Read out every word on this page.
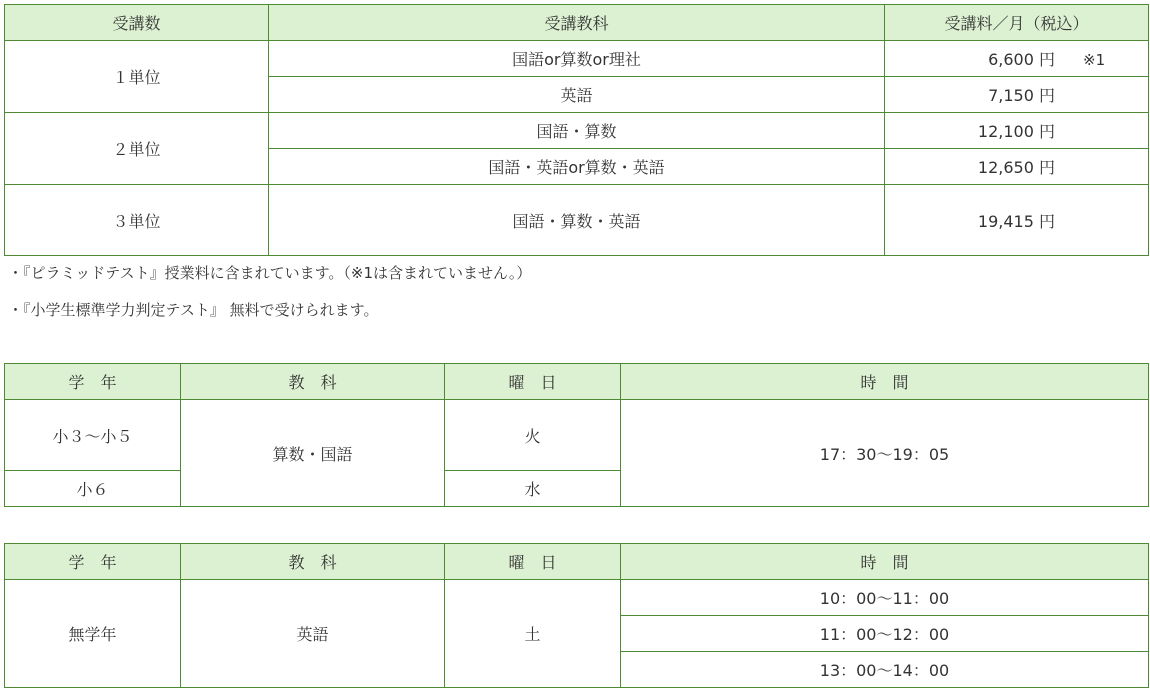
受講数	受講教科	受講料／月（税込）
１単位	国語or算数or理社	6,600 円 ※1
	英語	7,150 円
２単位	国語・算数	12,100 円
	国語・英語or算数・英語	12,650 円
３単位	国語・算数・英語	19,415 円
・『ピラミッドテスト』授業料に含まれています。（※1は含まれていません。）
・『小学生標準学力判定テスト』 無料で受けられます。
学　年	教　科	曜　日	時　間
小３〜小５	算数・国語	火	17：30〜19：05
小６		水	
学　年	教　科	曜　日	時　間
無学年	英語	土	10：00〜11：00
			11：00〜12：00
			13：00〜14：00
